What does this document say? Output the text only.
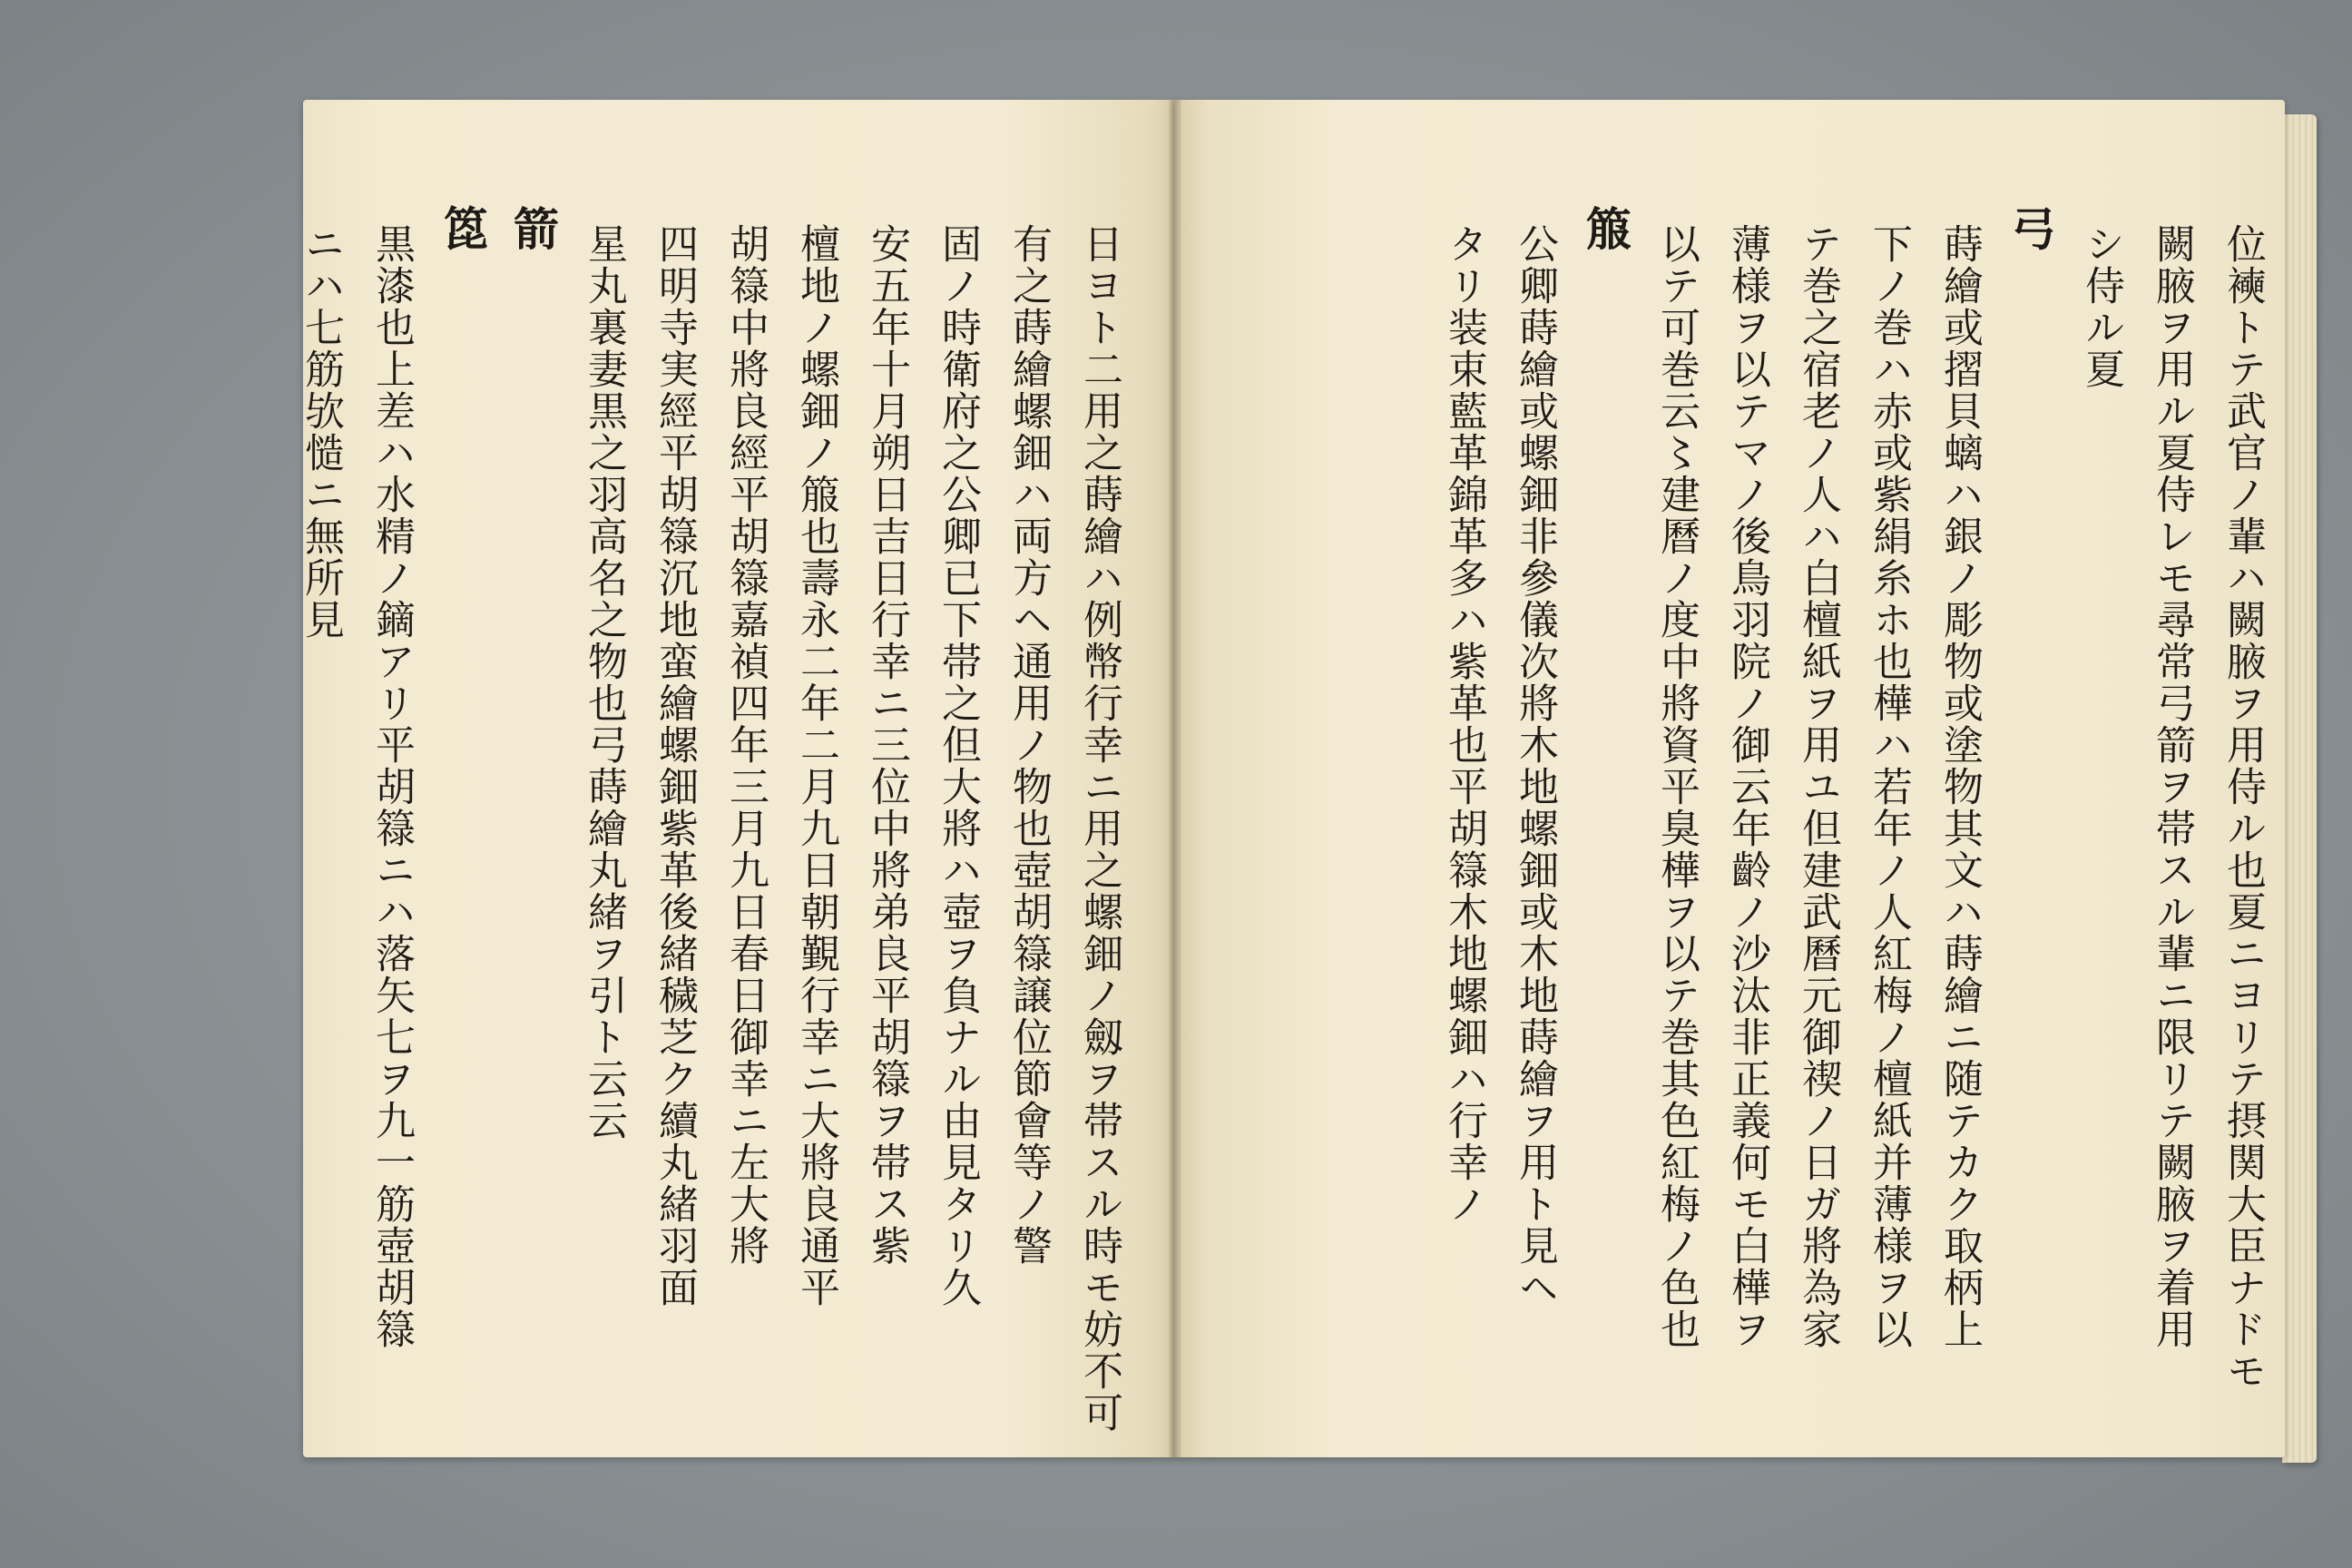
位襫トテ武官ノ輩ハ闕腋ヲ用侍ル也夏ニヨリテ摂関大臣ナドモ
闕腋ヲ用ル夏侍レモ尋常弓箭ヲ帯スル輩ニ限リテ闕腋ヲ着用
シ侍ル夏
弓
蒔繪或摺貝螭ハ銀ノ彫物或塗物其文ハ蒔繪ニ随テカク取柄上
下ノ巻ハ赤或紫絹糸ホ也樺ハ若年ノ人紅梅ノ檀紙并薄様ヲ以
テ巻之宿老ノ人ハ白檀紙ヲ用ユ但建武曆元御禊ノ日ガ將為家
薄様ヲ以テマノ後鳥羽院ノ御云年齡ノ沙汰非正義何モ白樺ヲ
以テ可巻云〻建曆ノ度中將資平臭樺ヲ以テ巻其色紅梅ノ色也
箙
公卿蒔繪或螺鈿非參儀次將木地螺鈿或木地蒔繪ヲ用ト見ヘ
タリ装束藍革錦革多ハ紫革也平胡簶木地螺鈿ハ行幸ノ
日ヨト二用之蒔繪ハ例幣行幸ニ用之螺鈿ノ劔ヲ帯スル時モ妨不可
有之蒔繪螺鈿ハ両方ヘ通用ノ物也壺胡簶譲位節會等ノ警
固ノ時衛府之公卿已下帯之但大將ハ壺ヲ負ナル由見タリ久
安五年十月朔日吉日行幸ニ三位中將弟良平胡簶ヲ帯ス紫
檀地ノ螺鈿ノ箙也壽永二年二月九日朝覲行幸ニ大將良通平
胡簶中將良經平胡簶嘉禎四年三月九日春日御幸ニ左大將
四明寺実經平胡簶沉地蛮繪螺鈿紫革後緒穢芝ク續丸緒羽面
星丸裏妻黒之羽高名之物也弓蒔繪丸緒ヲ引ト云云
箭
箆
黒漆也上差ハ水精ノ鏑アリ平胡簶ニハ落矢七ヲ九一筋壺胡簶
ニハ七筋欤慥ニ無所見
